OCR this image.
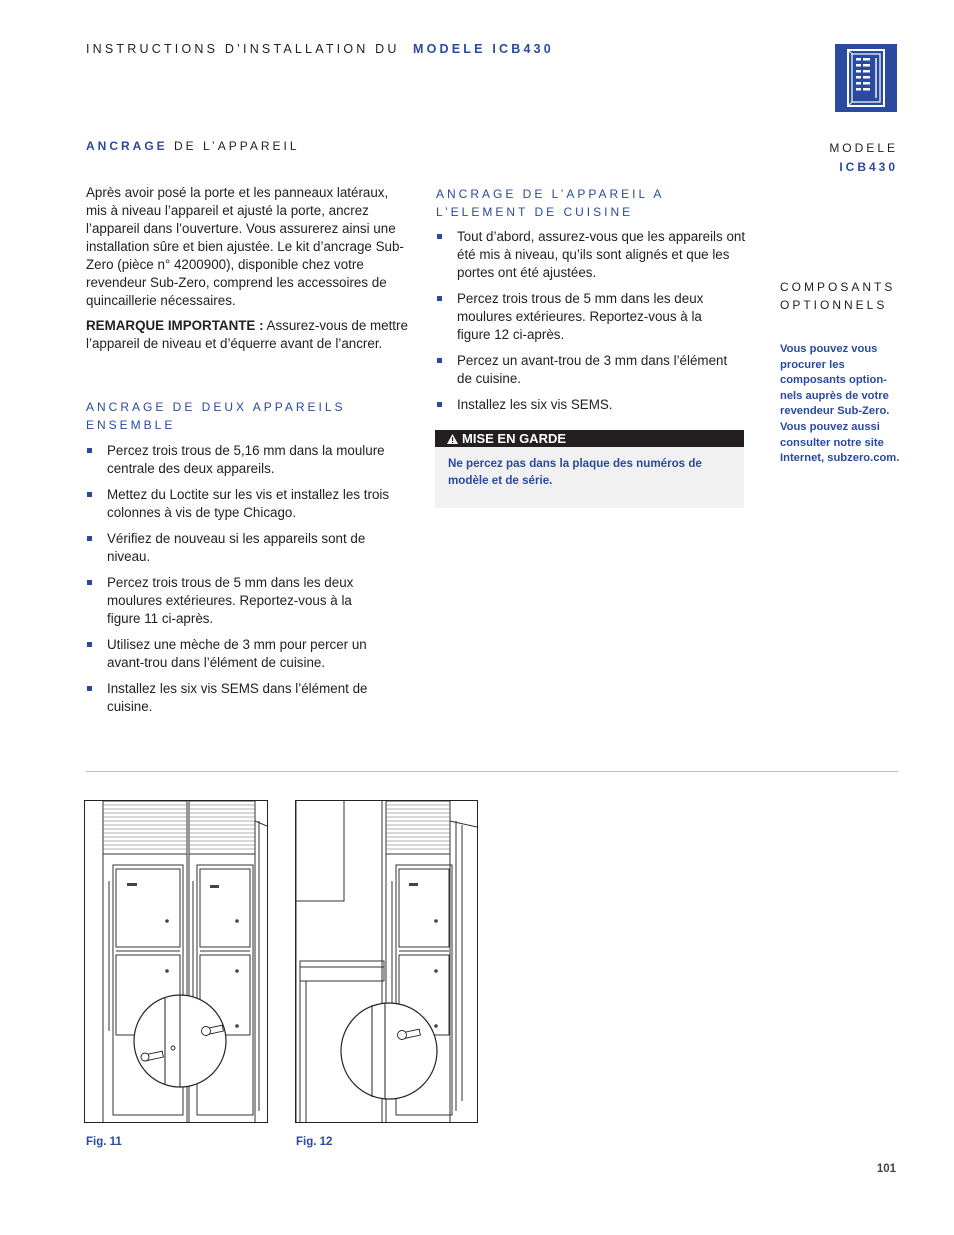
INSTRUCTIONS D’INSTALLATION DU MODELE ICB430
ANCRAGE DE L’APPAREIL	MODELE
ICB430
Après avoir posé la porte et les panneaux latéraux, mis à niveau l’appareil et ajusté la porte, ancrez l’appareil dans l’ouverture. Vous assurerez ainsi une installation sûre et bien ajustée. Le kit d’ancrage Sub-Zero (pièce n° 4200900), disponible chez votre revendeur Sub-Zero, comprend les accessoires de quincaillerie nécessaires.
REMARQUE IMPORTANTE : Assurez-vous de mettre l’appareil de niveau et d’équerre avant de l’ancrer.
ANCRAGE DE DEUX APPAREILS ENSEMBLE
Percez trois trous de 5,16 mm dans la moulure centrale des deux appareils.
Mettez du Loctite sur les vis et installez les trois colonnes à vis de type Chicago.
Vérifiez de nouveau si les appareils sont de niveau.
Percez trois trous de 5 mm dans les deux moulures extérieures. Reportez-vous à la figure 11 ci-après.
Utilisez une mèche de 3 mm pour percer un avant-trou dans l’élément de cuisine.
Installez les six vis SEMS dans l’élément de cuisine.
ANCRAGE DE L’APPAREIL A L’ELEMENT DE CUISINE
Tout d’abord, assurez-vous que les appareils ont été mis à niveau, qu’ils sont alignés et que les portes ont été ajustées.
Percez trois trous de 5 mm dans les deux moulures extérieures. Reportez-vous à la figure 12 ci-après.
Percez un avant-trou de 3 mm dans l’élément de cuisine.
Installez les six vis SEMS.
MISE EN GARDE
Ne percez pas dans la plaque des numéros de modèle et de série.
COMPOSANTS OPTIONNELS
Vous pouvez vous procurer les composants option-nels auprès de votre revendeur Sub-Zero. Vous pouvez aussi consulter notre site Internet, subzero.com.
Fig. 11	Fig. 12
101
